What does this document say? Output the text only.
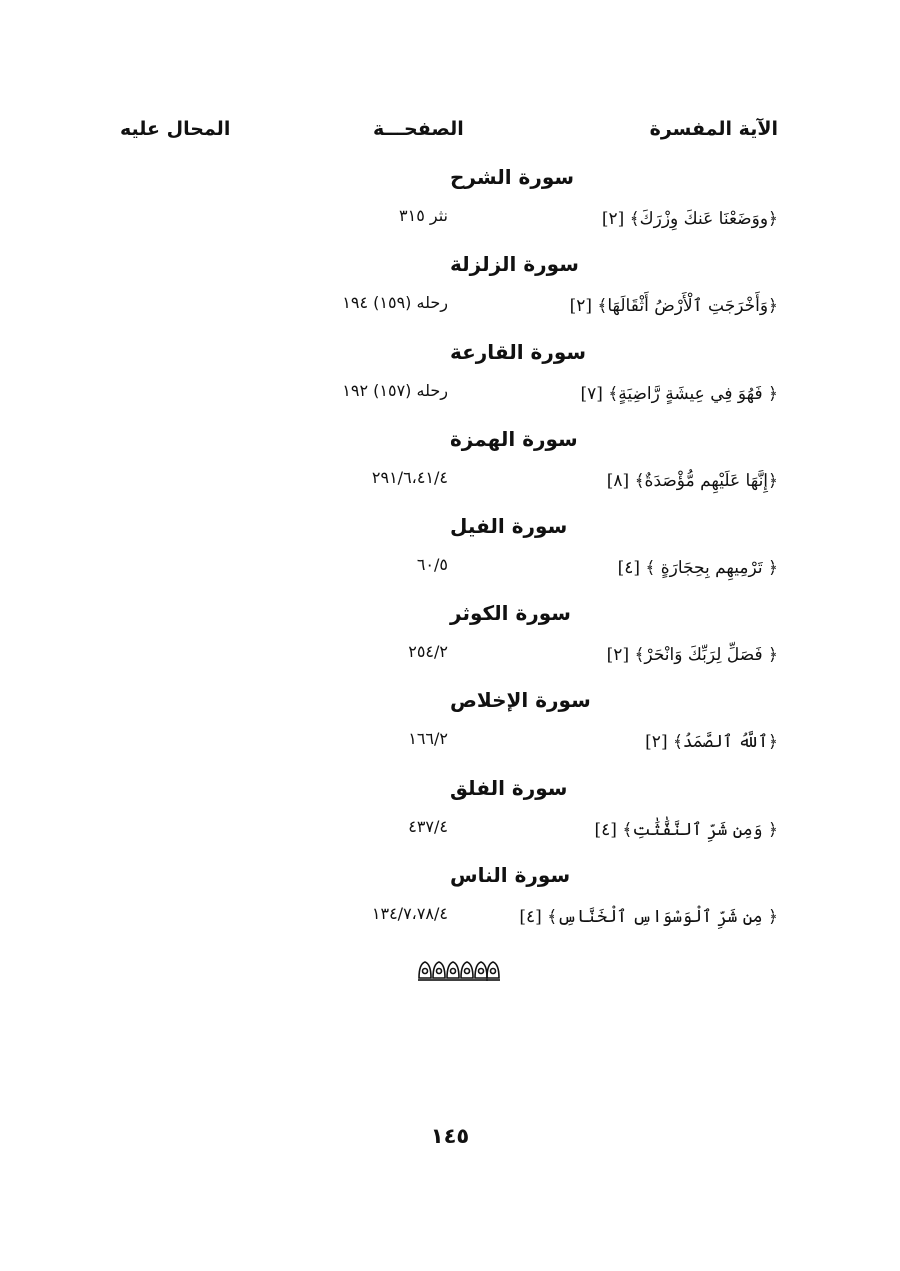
الآية المفسرة
الصفحـــة
المحال عليه
سورة الشرح
﴿ووَضَعْنَا عَنكَ وِزْرَكَ﴾ [٢]
نثر ٣١٥
سورة الزلزلة
﴿وَأَخْرَجَتِ ٱلْأَرْضُ أَثْقَالَهَا﴾ [٢]
رحله (١٥٩) ١٩٤
سورة القارعة
﴿ فَهُوَ فِي عِيشَةٍ رَّاضِيَةٍ﴾ [٧]
رحله (١٥٧) ١٩٢
سورة الهمزة
﴿إِنَّهَا عَلَيْهِم مُّؤْصَدَةٌ﴾ [٨]
٢٩١/٦،٤١/٤
سورة الفيل
﴿ تَرْمِيهِم بِحِجَارَةٍ ﴾ [٤]
٦٠/٥
سورة الكوثر
﴿ فَصَلِّ لِرَبِّكَ وَانْحَرْ﴾ [٢]
٢٥٤/٢
سورة الإخلاص
﴿ٱللَّهُ ٱلصَّمَدُ﴾ [٢]
١٦٦/٢
سورة الفلق
﴿ وَمِن شَرِّ ٱلنَّفَّٰثَٰتِ﴾ [٤]
٤٣٧/٤
سورة الناس
﴿ مِن شَرِّ ٱلْوَسْوَاسِ ٱلْخَنَّاسِ﴾ [٤]
١٣٤/٧،٧٨/٤
١٤٥
